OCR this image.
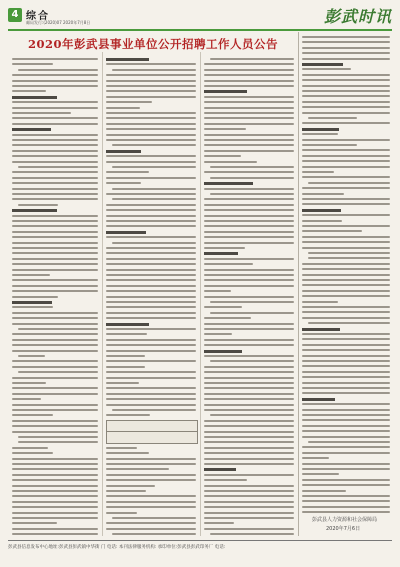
4 综合
邮局发行:(2020)07 2020年7月8日	彭武时讯
2020年彭武县事业单位公开招聘工作人员公告
彭武县人力资源和社会保障局
2020年7月6日
彭武县信息发布中心地址:彭武县彭武镇中华街 门 电话: 本刊法律服务机构: 承印单位:彭武县彭武印务厂 电话:
